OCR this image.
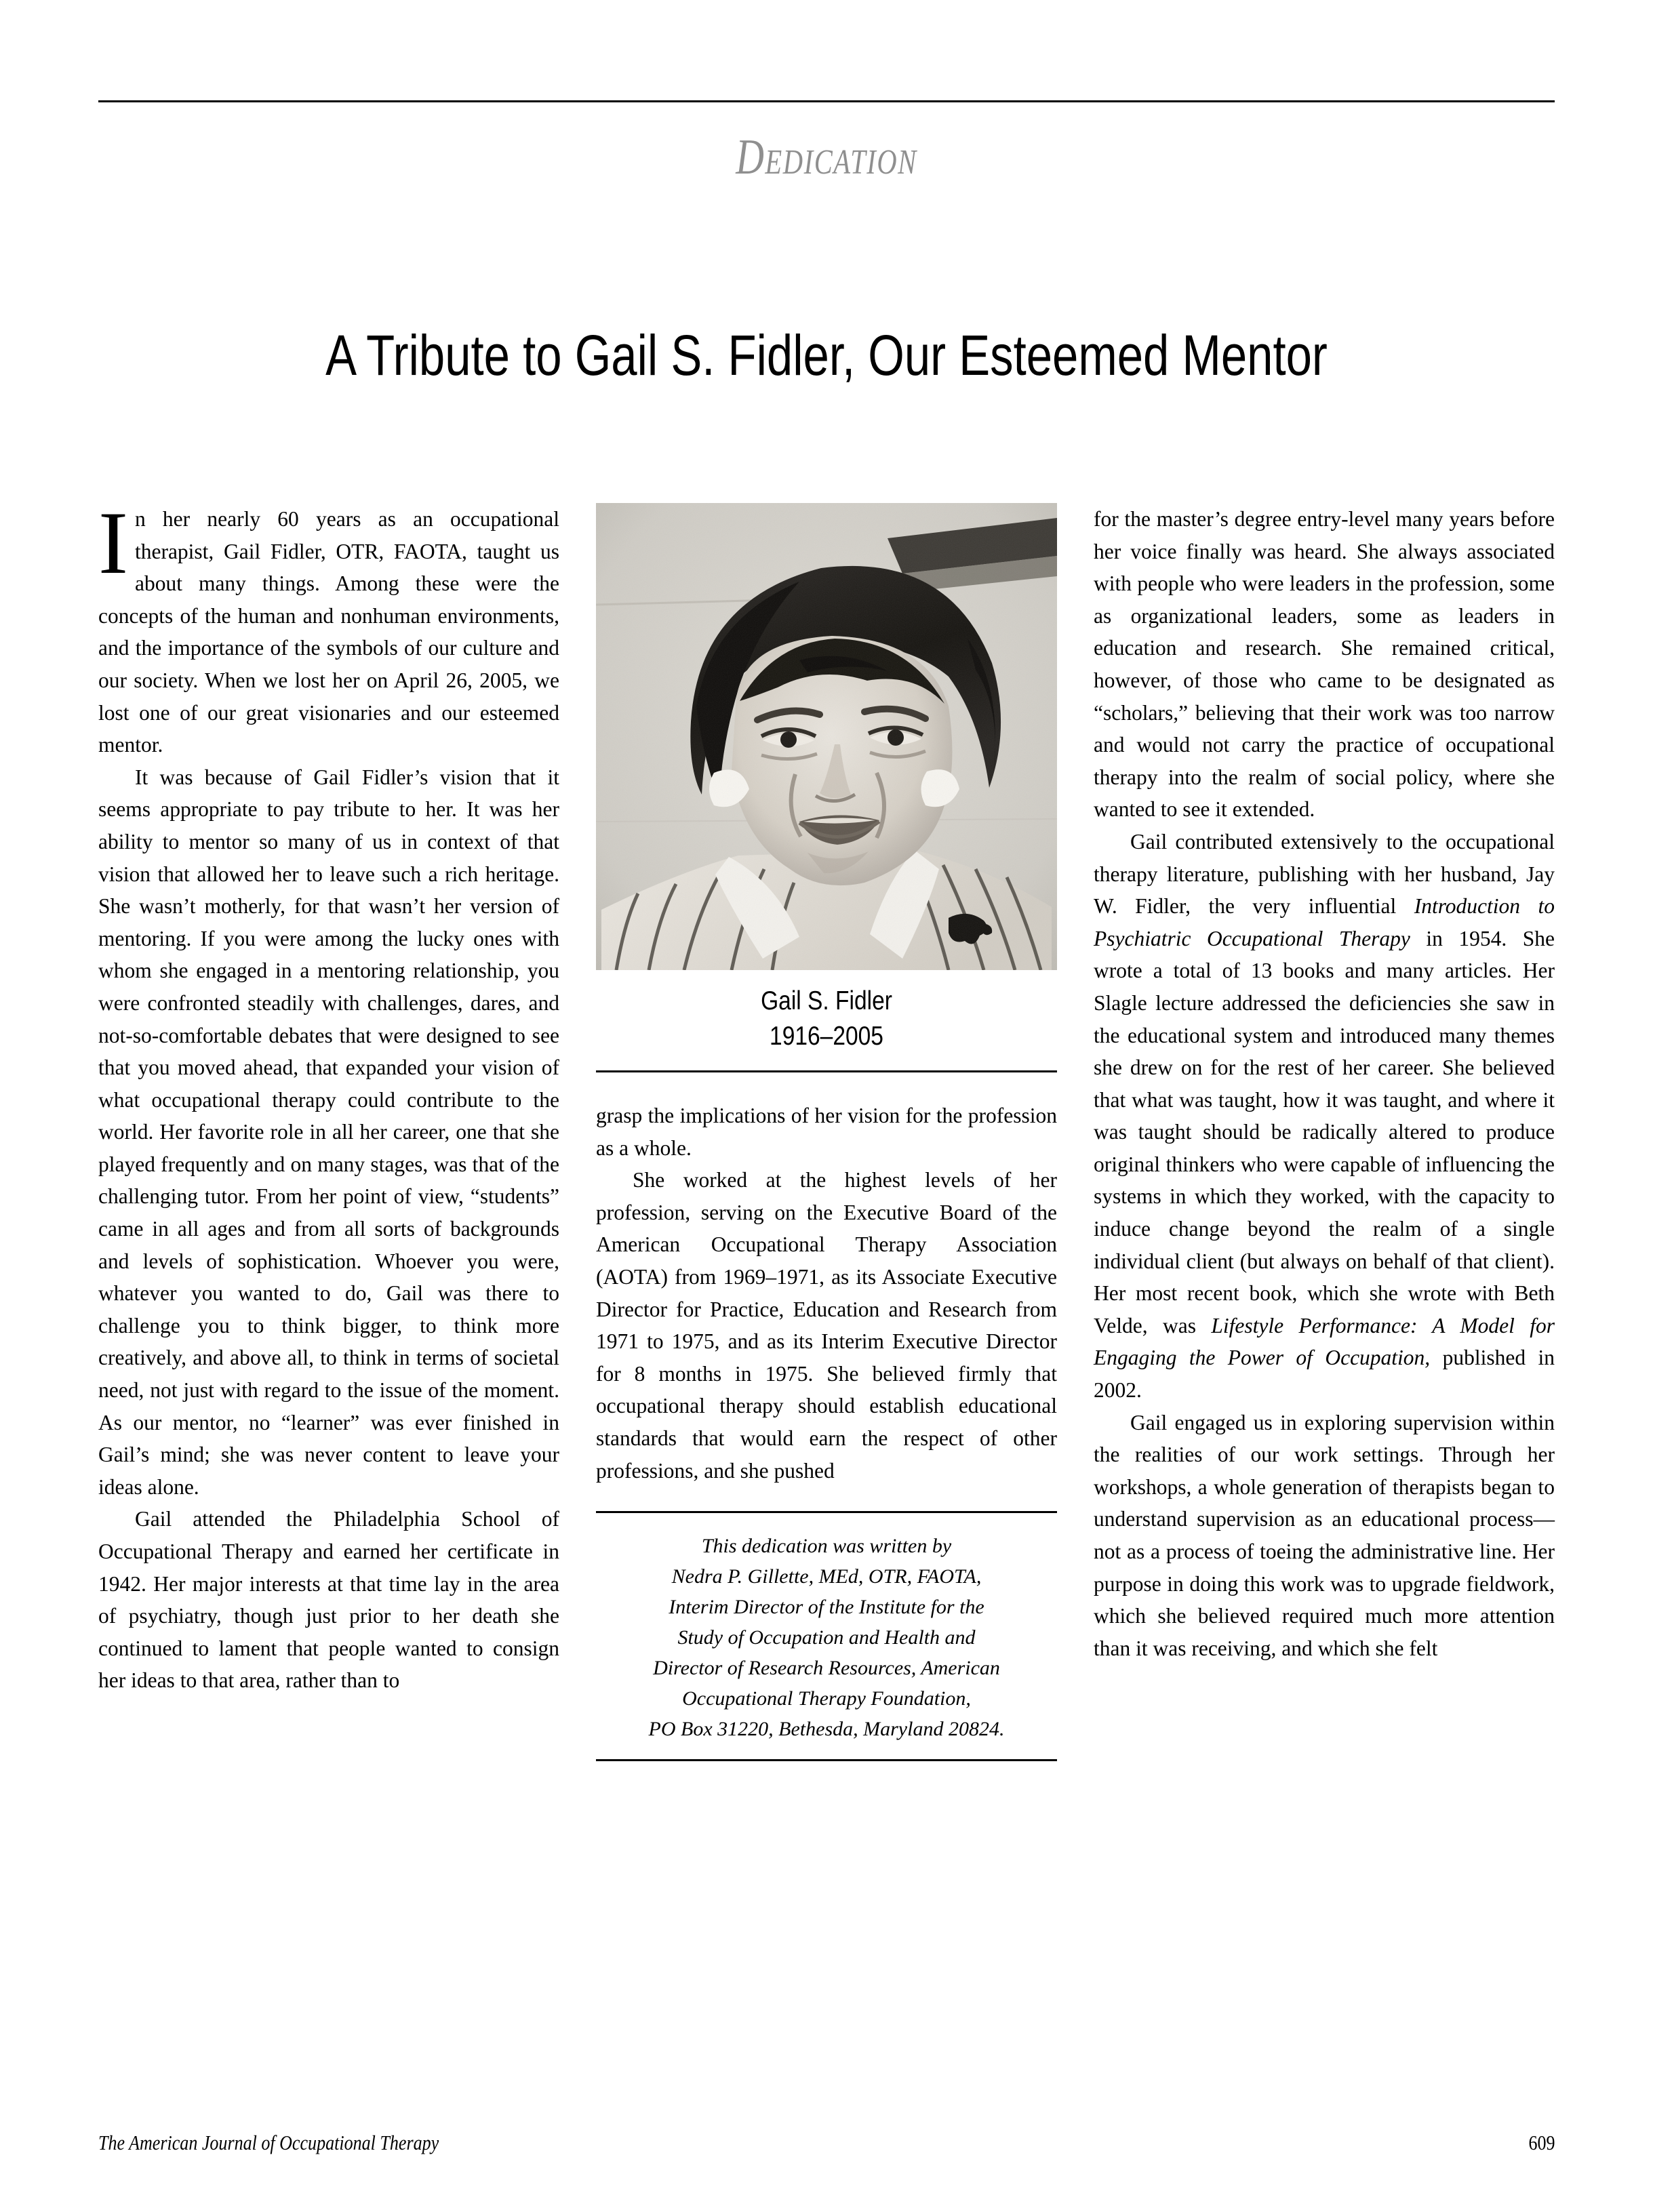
Dedication
A Tribute to Gail S. Fidler, Our Esteemed Mentor

In her nearly 60 years as an occupational therapist, Gail Fidler, OTR, FAOTA, taught us about many things. Among these were the concepts of the human and nonhuman environments, and the importance of the symbols of our culture and our society. When we lost her on April 26, 2005, we lost one of our great visionaries and our esteemed mentor.

It was because of Gail Fidler’s vision that it seems appropriate to pay tribute to her. It was her ability to mentor so many of us in context of that vision that allowed her to leave such a rich heritage. She wasn’t motherly, for that wasn’t her version of mentoring. If you were among the lucky ones with whom she engaged in a mentoring relationship, you were confronted steadily with challenges, dares, and not-so-comfortable debates that were designed to see that you moved ahead, that expanded your vision of what occupational therapy could contribute to the world. Her favorite role in all her career, one that she played frequently and on many stages, was that of the challenging tutor. From her point of view, “students” came in all ages and from all sorts of backgrounds and levels of sophistication. Whoever you were, whatever you wanted to do, Gail was there to challenge you to think bigger, to think more creatively, and above all, to think in terms of societal need, not just with regard to the issue of the moment. As our mentor, no “learner” was ever finished in Gail’s mind; she was never content to leave your ideas alone.

Gail attended the Philadelphia School of Occupational Therapy and earned her certificate in 1942. Her major interests at that time lay in the area of psychiatry, though just prior to her death she continued to lament that people wanted to consign her ideas to that area, rather than to

Gail S. Fidler
1916–2005

grasp the implications of her vision for the profession as a whole.

She worked at the highest levels of her profession, serving on the Executive Board of the American Occupational Therapy Association (AOTA) from 1969–1971, as its Associate Executive Director for Practice, Education and Research from 1971 to 1975, and as its Interim Executive Director for 8 months in 1975. She believed firmly that occupational therapy should establish educational standards that would earn the respect of other professions, and she pushed

This dedication was written by
Nedra P. Gillette, MEd, OTR, FAOTA,
Interim Director of the Institute for the
Study of Occupation and Health and
Director of Research Resources, American
Occupational Therapy Foundation,
PO Box 31220, Bethesda, Maryland 20824.

for the master’s degree entry-level many years before her voice finally was heard. She always associated with people who were leaders in the profession, some as organizational leaders, some as leaders in education and research. She remained critical, however, of those who came to be designated as “scholars,” believing that their work was too narrow and would not carry the practice of occupational therapy into the realm of social policy, where she wanted to see it extended.

Gail contributed extensively to the occupational therapy literature, publishing with her husband, Jay W. Fidler, the very influential Introduction to Psychiatric Occupational Therapy in 1954. She wrote a total of 13 books and many articles. Her Slagle lecture addressed the deficiencies she saw in the educational system and introduced many themes she drew on for the rest of her career. She believed that what was taught, how it was taught, and where it was taught should be radically altered to produce original thinkers who were capable of influencing the systems in which they worked, with the capacity to induce change beyond the realm of a single individual client (but always on behalf of that client). Her most recent book, which she wrote with Beth Velde, was Lifestyle Performance: A Model for Engaging the Power of Occupation, published in 2002.

Gail engaged us in exploring supervision within the realities of our work settings. Through her workshops, a whole generation of therapists began to understand supervision as an educational process—not as a process of toeing the administrative line. Her purpose in doing this work was to upgrade fieldwork, which she believed required much more attention than it was receiving, and which she felt

The American Journal of Occupational Therapy	609
